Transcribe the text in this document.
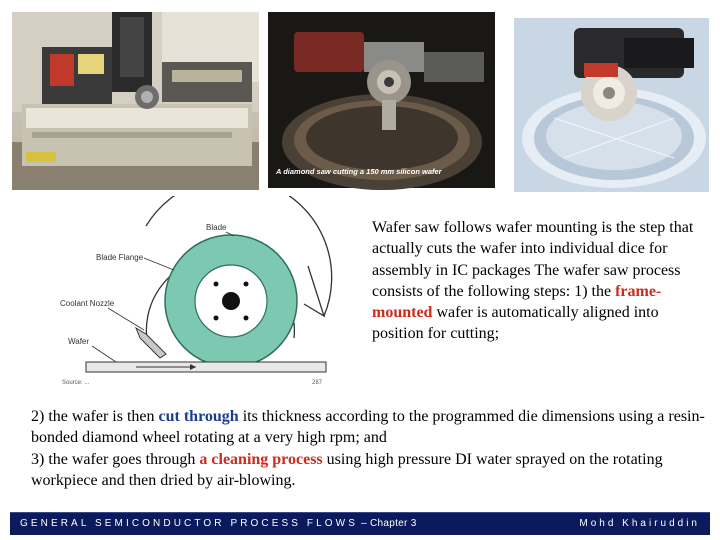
A diamond saw cutting a 150 mm silicon wafer
Blade
Blade Flange
Coolant Nozzle
Wafer
Source: ...	287
Wafer saw follows wafer mounting is the step that actually cuts the wafer into individual dice for assembly in IC packages The wafer saw process consists of the following steps: 1) the frame-mounted wafer is automatically aligned into position for cutting;
2) the wafer is then cut through its thickness according to the programmed die dimensions using a resin-bonded diamond wheel rotating at a very high rpm; and
3) the wafer goes through a cleaning process using high pressure DI water sprayed on the rotating workpiece and then dried by air-blowing.
GENERAL SEMICONDUCTOR PROCESS FLOWS – Chapter 3	Mohd Khairuddin
